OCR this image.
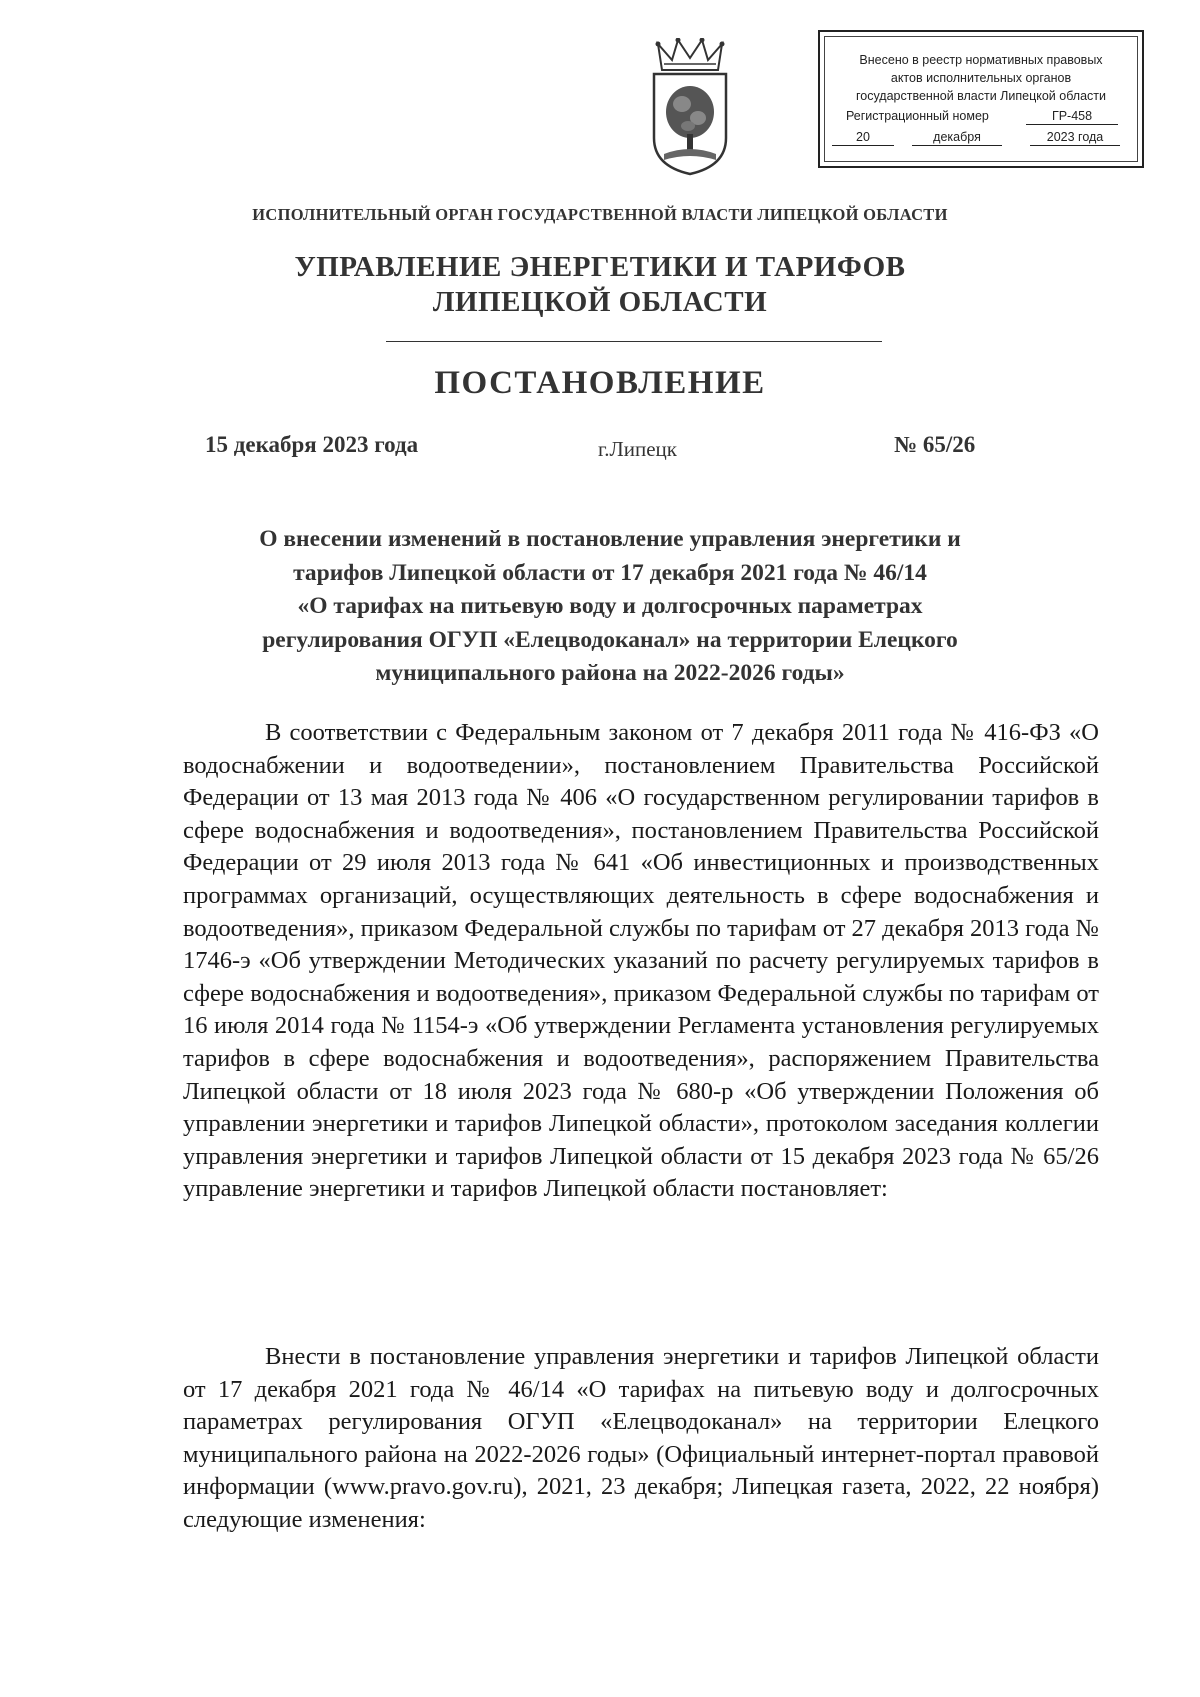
Внесено в реестр нормативных правовых
актов исполнительных органов
государственной власти Липецкой области
Регистрационный номер	ГР-458
20	декабря	2023 года
ИСПОЛНИТЕЛЬНЫЙ ОРГАН ГОСУДАРСТВЕННОЙ ВЛАСТИ ЛИПЕЦКОЙ ОБЛАСТИ
УПРАВЛЕНИЕ ЭНЕРГЕТИКИ И ТАРИФОВ
ЛИПЕЦКОЙ ОБЛАСТИ
ПОСТАНОВЛЕНИЕ
15 декабря 2023 года	г.Липецк	№ 65/26
О внесении изменений в постановление управления энергетики и
тарифов Липецкой области от 17 декабря 2021 года № 46/14
«О тарифах на питьевую воду и долгосрочных параметрах
регулирования ОГУП «Елецводоканал» на территории Елецкого
муниципального района на 2022-2026 годы»
В соответствии с Федеральным законом от 7 декабря 2011 года № 416-ФЗ «О водоснабжении и водоотведении», постановлением Правительства Российской Федерации от 13 мая 2013 года № 406 «О государственном регулировании тарифов в сфере водоснабжения и водоотведения», постановлением Правительства Российской Федерации от 29 июля 2013 года № 641 «Об инвестиционных и производственных программах организаций, осуществляющих деятельность в сфере водоснабжения и водоотведения», приказом Федеральной службы по тарифам от 27 декабря 2013 года № 1746-э «Об утверждении Методических указаний по расчету регулируемых тарифов в сфере водоснабжения и водоотведения», приказом Федеральной службы по тарифам от 16 июля 2014 года № 1154-э «Об утверждении Регламента установления регулируемых тарифов в сфере водоснабжения и водоотведения», распоряжением Правительства Липецкой области от 18 июля 2023 года № 680-р «Об утверждении Положения об управлении энергетики и тарифов Липецкой области», протоколом заседания коллегии управления энергетики и тарифов Липецкой области от 15 декабря 2023 года № 65/26 управление энергетики и тарифов Липецкой области постановляет:
Внести в постановление управления энергетики и тарифов Липецкой области от 17 декабря 2021 года № 46/14 «О тарифах на питьевую воду и долгосрочных параметрах регулирования ОГУП «Елецводоканал» на территории Елецкого муниципального района на 2022-2026 годы» (Официальный интернет-портал правовой информации (www.pravo.gov.ru), 2021, 23 декабря; Липецкая газета, 2022, 22 ноября) следующие изменения:
